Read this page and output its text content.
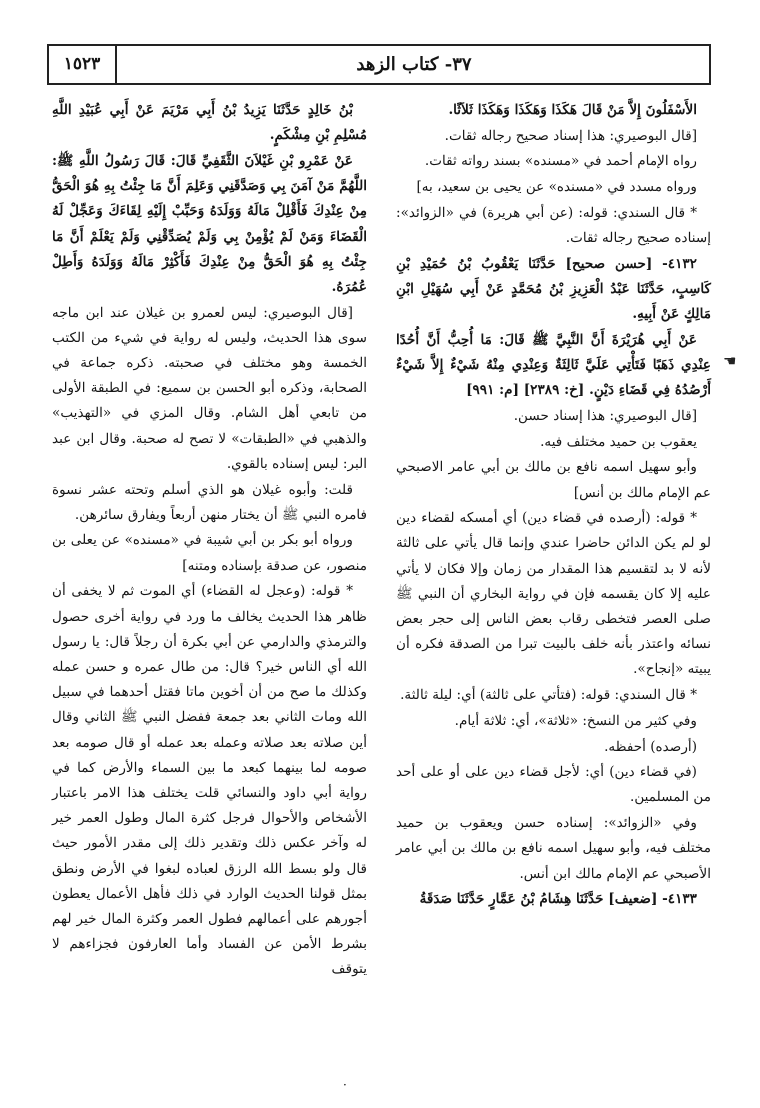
١٥٢٣	٣٧- كتاب الزهد

الأَسْفَلُونَ إِلاَّ مَنْ قَالَ هَكَذَا وَهَكَذَا وَهَكَذَا ثَلاَثًا.

[قال البوصيري: هذا إسناد صحيح رجاله ثقات.

رواه الإمام أحمد في «مسنده» بسند رواته ثقات.

ورواه مسدد في «مسنده» عن يحيى بن سعيد، به]

* قال السندي: قوله: (عن أبي هريرة) في «الزوائد»: إسناده صحيح رجاله ثقات.

٤١٣٢- [حسن صحيح] حَدَّثَنَا يَعْقُوبُ بْنُ حُمَيْدِ بْنِ كَاسِبٍ، حَدَّثَنَا عَبْدُ الْعَزِيزِ بْنُ مُحَمَّدٍ عَنْ أَبِي سُهَيْلِ ابْنِ مَالِكٍ عَنْ أَبِيهِ.

عَنْ أَبِي هُرَيْرَةَ أَنَّ النَّبِيَّ ﷺ قَالَ: مَا أُحِبُّ أَنَّ أُحُدًا عِنْدِي ذَهَبًا فَتَأْتِي عَلَيَّ ثَالِثَةٌ وَعِنْدِي مِنْهُ شَيْءٌ إِلاَّ شَيْءٌ أَرْصُدُهُ فِي قَضَاءِ دَيْنٍ. [خ: ٢٣٨٩] [م: ٩٩١]

[قال البوصيري: هذا إسناد حسن.

يعقوب بن حميد مختلف فيه.

وأبو سهيل اسمه نافع بن مالك بن أبي عامر الاصبحي عم الإمام مالك بن أنس]

* قوله: (أرصده في قضاء دين) أي أمسكه لقضاء دين لو لم يكن الدائن حاضرا عندي وإنما قال يأتي على ثالثة لأنه لا بد لتقسيم هذا المقدار من زمان وإلا فكان لا يأتي عليه إلا كان يقسمه فإن في رواية البخاري أن النبي ﷺ صلى العصر فتخطى رقاب بعض الناس إلى حجر بعض نسائه واعتذر بأنه خلف بالبيت تبرا من الصدقة فكره أن يبيته «إنجاح».

* قال السندي: قوله: (فتأتي على ثالثة) أي: ليلة ثالثة.

وفي كثير من النسخ: «ثلاثة»، أي: ثلاثة أيام.

(أرصده) أحفظه.

(في قضاء دين) أي: لأجل قضاء دين على أو على أحد من المسلمين.

وفي «الزوائد»: إسناده حسن ويعقوب بن حميد مختلف فيه، وأبو سهيل اسمه نافع بن مالك بن أبي عامر الأصبحي عم الإمام مالك ابن أنس.

٤١٣٣- [ضعيف] حَدَّثَنَا هِشَامُ بْنُ عَمَّارٍ حَدَّثَنَا صَدَقَةُ

بْنُ خَالِدٍ حَدَّثَنَا يَزِيدُ بْنُ أَبِي مَرْيَمَ عَنْ أَبِي عُبَيْدِ اللَّهِ مُسْلِمِ بْنِ مِشْكَمٍ.

عَنْ عَمْرِو بْنِ غَيْلاَنَ الثَّقَفِيِّ قَالَ: قَالَ رَسُولُ اللَّهِ ﷺ: اللَّهُمَّ مَنْ آمَنَ بِي وَصَدَّقَنِي وَعَلِمَ أَنَّ مَا جِئْتُ بِهِ هُوَ الْحَقُّ مِنْ عِنْدِكَ فَأَقْلِلْ مَالَهُ وَوَلَدَهُ وَحَبِّبْ إِلَيْهِ لِقَاءَكَ وَعَجِّلْ لَهُ الْقَضَاءَ وَمَنْ لَمْ يُؤْمِنْ بِي وَلَمْ يُصَدِّقْنِي وَلَمْ يَعْلَمْ أَنَّ مَا جِئْتُ بِهِ هُوَ الْحَقُّ مِنْ عِنْدِكَ فَأَكْثِرْ مَالَهُ وَوَلَدَهُ وَأَطِلْ عُمُرَهُ.

[قال البوصيري: ليس لعمرو بن غيلان عند ابن ماجه سوى هذا الحديث، وليس له رواية في شيء من الكتب الخمسة وهو مختلف في صحبته. ذكره جماعة في الصحابة، وذكره أبو الحسن بن سميع: في الطبقة الأولى من تابعي أهل الشام. وقال المزي في «التهذيب» والذهبي في «الطبقات» لا تصح له صحبة. وقال ابن عبد البر: ليس إسناده بالقوي.

قلت: وأبوه غيلان هو الذي أسلم وتحته عشر نسوة فامره النبي ﷺ أن يختار منهن أربعاً ويفارق سائرهن.

ورواه أبو بكر بن أبي شيبة في «مسنده» عن يعلى بن منصور، عن صدقة بإسناده ومتنه]

* قوله: (وعجل له القضاء) أي الموت ثم لا يخفى أن ظاهر هذا الحديث يخالف ما ورد في رواية أخرى حصول والترمذي والدارمي عن أبي بكرة أن رجلاً قال: يا رسول الله أي الناس خير؟ قال: من طال عمره و حسن عمله وكذلك ما صح من أن أخوين ماتا فقتل أحدهما في سبيل الله ومات الثاني بعد جمعة ففضل النبي ﷺ الثاني وقال أين صلاته بعد صلاته وعمله بعد عمله أو قال صومه بعد صومه لما بينهما كبعد ما بين السماء والأرض كما في رواية أبي داود والنسائي قلت يختلف هذا الامر باعتبار الأشخاص والأحوال فرجل كثرة المال وطول العمر خير له وآخر عكس ذلك وتقدير ذلك إلى مقدر الأمور حيث قال ولو بسط الله الرزق لعباده لبغوا في الأرض ونطق بمثل قولنا الحديث الوارد في ذلك فأهل الأعمال يعطون أجورهم على أعمالهم فطول العمر وكثرة المال خير لهم بشرط الأمن عن الفساد وأما العارفون فجزاءهم لا يتوقف

☚
·
